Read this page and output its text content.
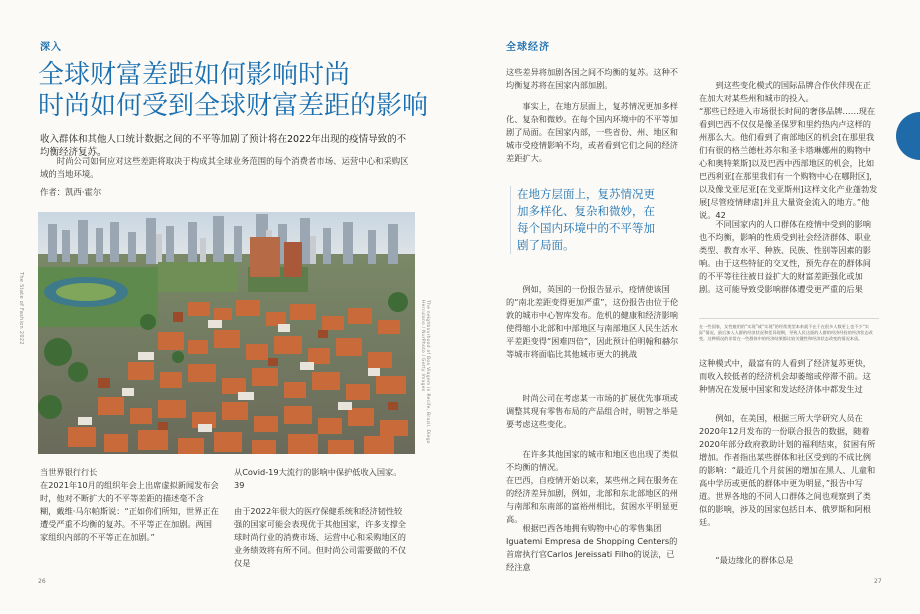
深入
全球财富差距如何影响时尚
时尚如何受到全球财富差距的影响
收入群体和其他人口统计数据之间的不平等加剧了预计将在2022年出现的疫情导致的不均衡经济复苏。

时尚公司如何应对这些差距将取决于构成其全球业务范围的每个消费者市场、运营中心和采购区域的当地环境。

作者：凯西·霍尔
The State of Fashion 2022	The neighbourhood of Boa Viagem in Recife, Brazil. Diego Herculano / NurPhoto / Getty Images
当世界银行行长
在2021年10月的组织年会上出席虚拟新闻发布会时，他对不断扩大的不平等差距的描述毫不含糊，戴维·马尔帕斯说：“正如你们所知，世界正在遭受严重不均衡的复苏。不平等正在加剧。两国家组织内部的不平等正在加剧。”
从Covid-19大流行的影响中保护低收入国家。39

由于2022年很大的医疗保健系统和经济韧性较强的国家可能会表现优于其他国家，许多支撑全球时尚行业的消费市场、运营中心和采购地区的业务绩效将有所不同。但时尚公司需要做的不仅仅是
26
全球经济

这些差异将加剧各国之间不均衡的复苏。这种不均衡复苏将在国家内部加剧。

事实上，在地方层面上，复苏情况更加多样化、复杂和微妙。在每个国内环境中的不平等加剧了局面。在国家内部，一些省份、州、地区和城市受疫情影响不均，或者看到它们之间的经济差距扩大。

在地方层面上，复苏情况更加多样化、复杂和微妙，在每个国内环境中的不平等加剧了局面。

例如，英国的一份报告显示，疫情使该国的“南北差距变得更加严重”，这份报告由位于伦敦的城市中心智库发布。危机的健康和经济影响使得缩小北部和中部地区与南部地区人民生活水平差距变得“困难四倍”，因此预计伯明翰和赫尔等城市将面临比其他城市更大的挑战

时尚公司在考虑某一市场的扩展优先事项或调整其现有零售布局的产品组合时，明智之举是要考虑这些变化。

在许多其他国家的城市和地区也出现了类似不均衡的情况。
在巴西，自疫情开始以来，某些州之间在服务在的经济差异加剧，例如，北部和东北部地区的州与南部和东南部的富裕州相比，贫困水平明显更高。

根据巴西各地拥有购物中心的零售集团Iguatemi Empresa de Shopping Centers的首席执行官Carlos Jereissati Filho的说法，已经注意

到这些变化模式的国际品牌合作伙伴现在正在加大对某些州和城市的投入。
“那些已经进入市场很长时间的奢侈品牌……现在看到巴西不仅仅是像圣保罗和里约热内卢这样的州那么大。他们看到了南部地区的机会[在那里我们有很的格兰德杜苏尔和圣卡塔琳娜州的购物中心和奥特莱斯]以及巴西中西部地区的机会，比如巴西利亚[在那里我们有一个购物中心在哪附区]，以及像戈亚尼亚[在戈亚斯州]这样文化产业蓬勃发展[尽管疫情肆虐]并且大量资金流入的地方。”他说。42

不同国家内的人口群体在疫情中受到的影响也不均衡，影响的性质受到社会经济群体、职业类型、教育水平、种族、民族、性别等因素的影响。由于这些特征的交叉性，预先存在的群体间的不平等往往被日益扩大的财富差距强化或加剧。这可能导致受影响群体遭受更严重的后果

在一些国家，女性雇用的“实现”或“实现”的经常类型本来就不在于在很多人数更上也不少“实际”情况，最后加入人群的经济状况和差异现期，导致人民这面的人群的经济经验的经济状态改变，这种情况的非常在一些群体中的经济结果都比较关键性和经济状态改变的情况本质。

这种模式中，最富有的人看到了经济复苏更快，而收入较低者的经济机会却萎缩或停滞不前。这种情况在发展中国家和发达经济体中都发生过

例如，在美国，根据三所大学研究人员在2020年12月发布的一份联合报告的数据，随着2020年部分政府救助计划的福利结束，贫困有所增加。作者指出某些群体和社区受到的不成比例的影响：“最近几个月贫困的增加在黑人、儿童和高中学历或更低的群体中更为明显，”报告中写道。世界各地的不同人口群体之间也观察到了类似的影响，涉及的国家包括日本、俄罗斯和阿根廷。

“最边缘化的群体总是

27
